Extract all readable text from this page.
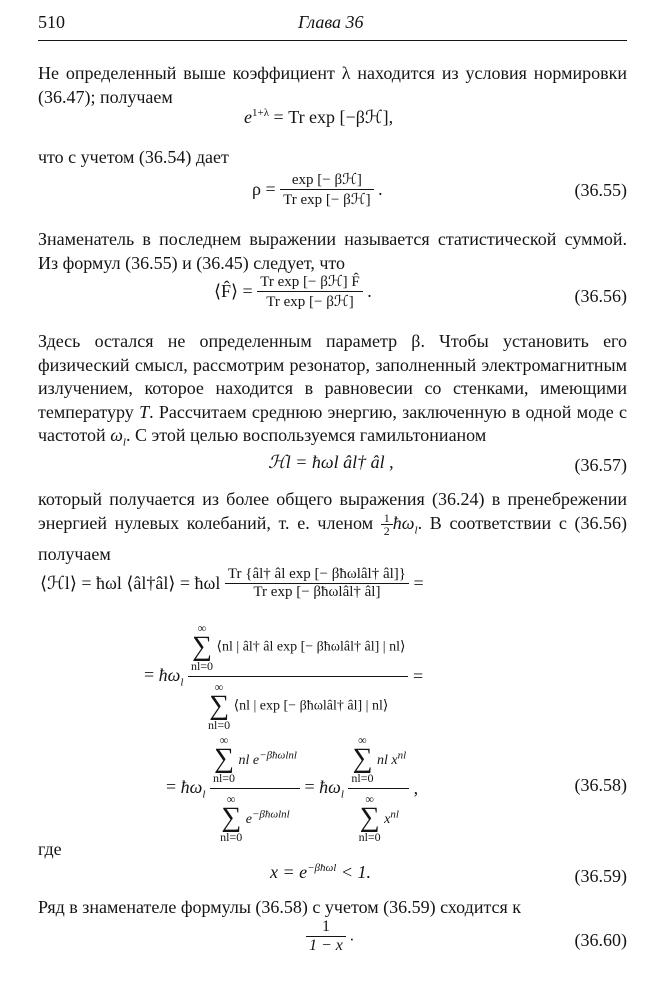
510	Глава 36
Не определенный выше коэффициент λ находится из условия нормировки (36.47); получаем
$e^{1+\lambda} = Tr$ exp [−βℋ],
что с учетом (36.54) дает
$\rho = \frac{\text{exp [− βℋ]}}{\text{Tr exp [− βℋ]}}$ .	(36.55)
Знаменатель в последнем выражении называется статистической суммой. Из формул (36.55) и (36.45) следует, что
⟨F̂⟩ = $\frac{\text{Tr exp [− βℋ] F̂}}{\text{Tr exp [− βℋ]}}$ .	(36.56)
Здесь остался не определенным параметр β. Чтобы установить его физический смысл, рассмотрим резонатор, заполненный электромагнитным излучением, которое находится в равновесии со стенками, имеющими температуру T. Рассчитаем среднюю энергию, заключенную в одной моде с частотой $\omega_l$. С этой целью воспользуемся гамильтонианом
ℋl = ħωl âl† âl ,	(36.57)
который получается из более общего выражения (36.24) в пренебрежении энергией нулевых колебаний, т. е. членом $\frac{1}{2}$ $ħ\omega_l$. В соответствии с (36.56) получаем
⟨ℋl⟩ = ħωl ⟨âl†âl⟩ = ħωl $\frac{\text{Tr \{âl† âl exp [− βħωlâl† âl]\}}}{\text{Tr exp [− βħωlâl† âl]}}$ =
= $ħ\omega_l$ ∞
∑
nl=0 ⟨nl | âl† âl exp [− βħωlâl† âl] | nl⟩
∞
∑
nl=0 ⟨nl | exp [− βħωlâl† âl] | nl⟩ =
= $ħ\omega_l$ ∞
∑
nl=0 nl $e^{-\beta ħ\omega lnl}$
∞
∑
nl=0 $e^{-\beta ħ\omega lnl}$ = $ħ\omega_l$ ∞
∑
nl=0 nl $x^{nl}$
∞
∑
nl=0 $x^{nl}$ ,	(36.58)
где
$x = e^{-\beta ħ\omega l} < 1$.	(36.59)
Ряд в знаменателе формулы (36.58) с учетом (36.59) сходится к
$\frac{1}{1 - x}$ .	(36.60)
